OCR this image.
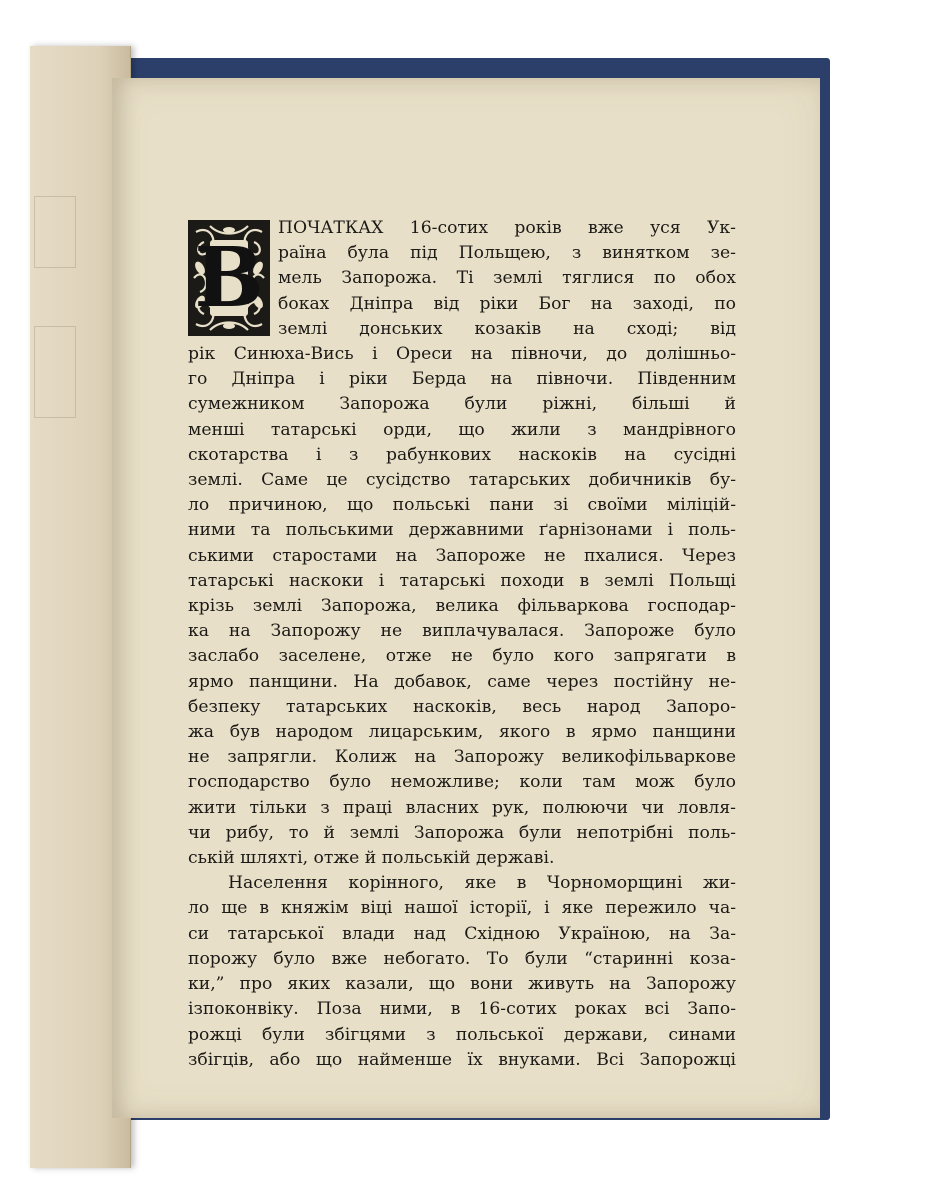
В
ПОЧАТКАХ 16-сотих років вже уся Ук-
раїна була під Польщею, з винятком зе-
мель Запорожа. Ті землі тяглися по обох
боках Дніпра від ріки Бог на заході, по
землі донських козаків на сході; від
рік Синюха-Вись і Ореси на півночи, до долішньо-
го Дніпра і ріки Берда на півночи. Південним
сумежником Запорожа були ріжні, більші й
менші татарські орди, що жили з мандрівного
скотарства і з рабункових наскоків на сусідні
землі. Саме це сусідство татарських добичників бу-
ло причиною, що польські пани зі своїми міліцій-
ними та польськими державними ґарнізонами і поль-
ськими старостами на Запороже не пхалися. Через
татарські наскоки і татарські походи в землі Польщі
крізь землі Запорожа, велика фільваркова господар-
ка на Запорожу не виплачувалася. Запороже було
заслабо заселене, отже не було кого запрягати в
ярмо панщини. На добавок, саме через постійну не-
безпеку татарських наскоків, весь народ Запоро-
жа був народом лицарським, якого в ярмо панщини
не запрягли. Колиж на Запорожу великофільваркове
господарство було неможливе; коли там мож було
жити тільки з праці власних рук, полюючи чи ловля-
чи рибу, то й землі Запорожа були непотрібні поль-
ській шляхті, отже й польській державі.
Населення корінного, яке в Чорноморщині жи-
ло ще в княжім віці нашої історії, і яке пережило ча-
си татарської влади над Східною Україною, на За-
порожу було вже небогато. То були “старинні коза-
ки,” про яких казали, що вони живуть на Запорожу
ізпоконвіку. Поза ними, в 16-сотих роках всі Запо-
рожці були збігцями з польської держави, синами
збігців, або що найменше їх внуками. Всі Запорожці
